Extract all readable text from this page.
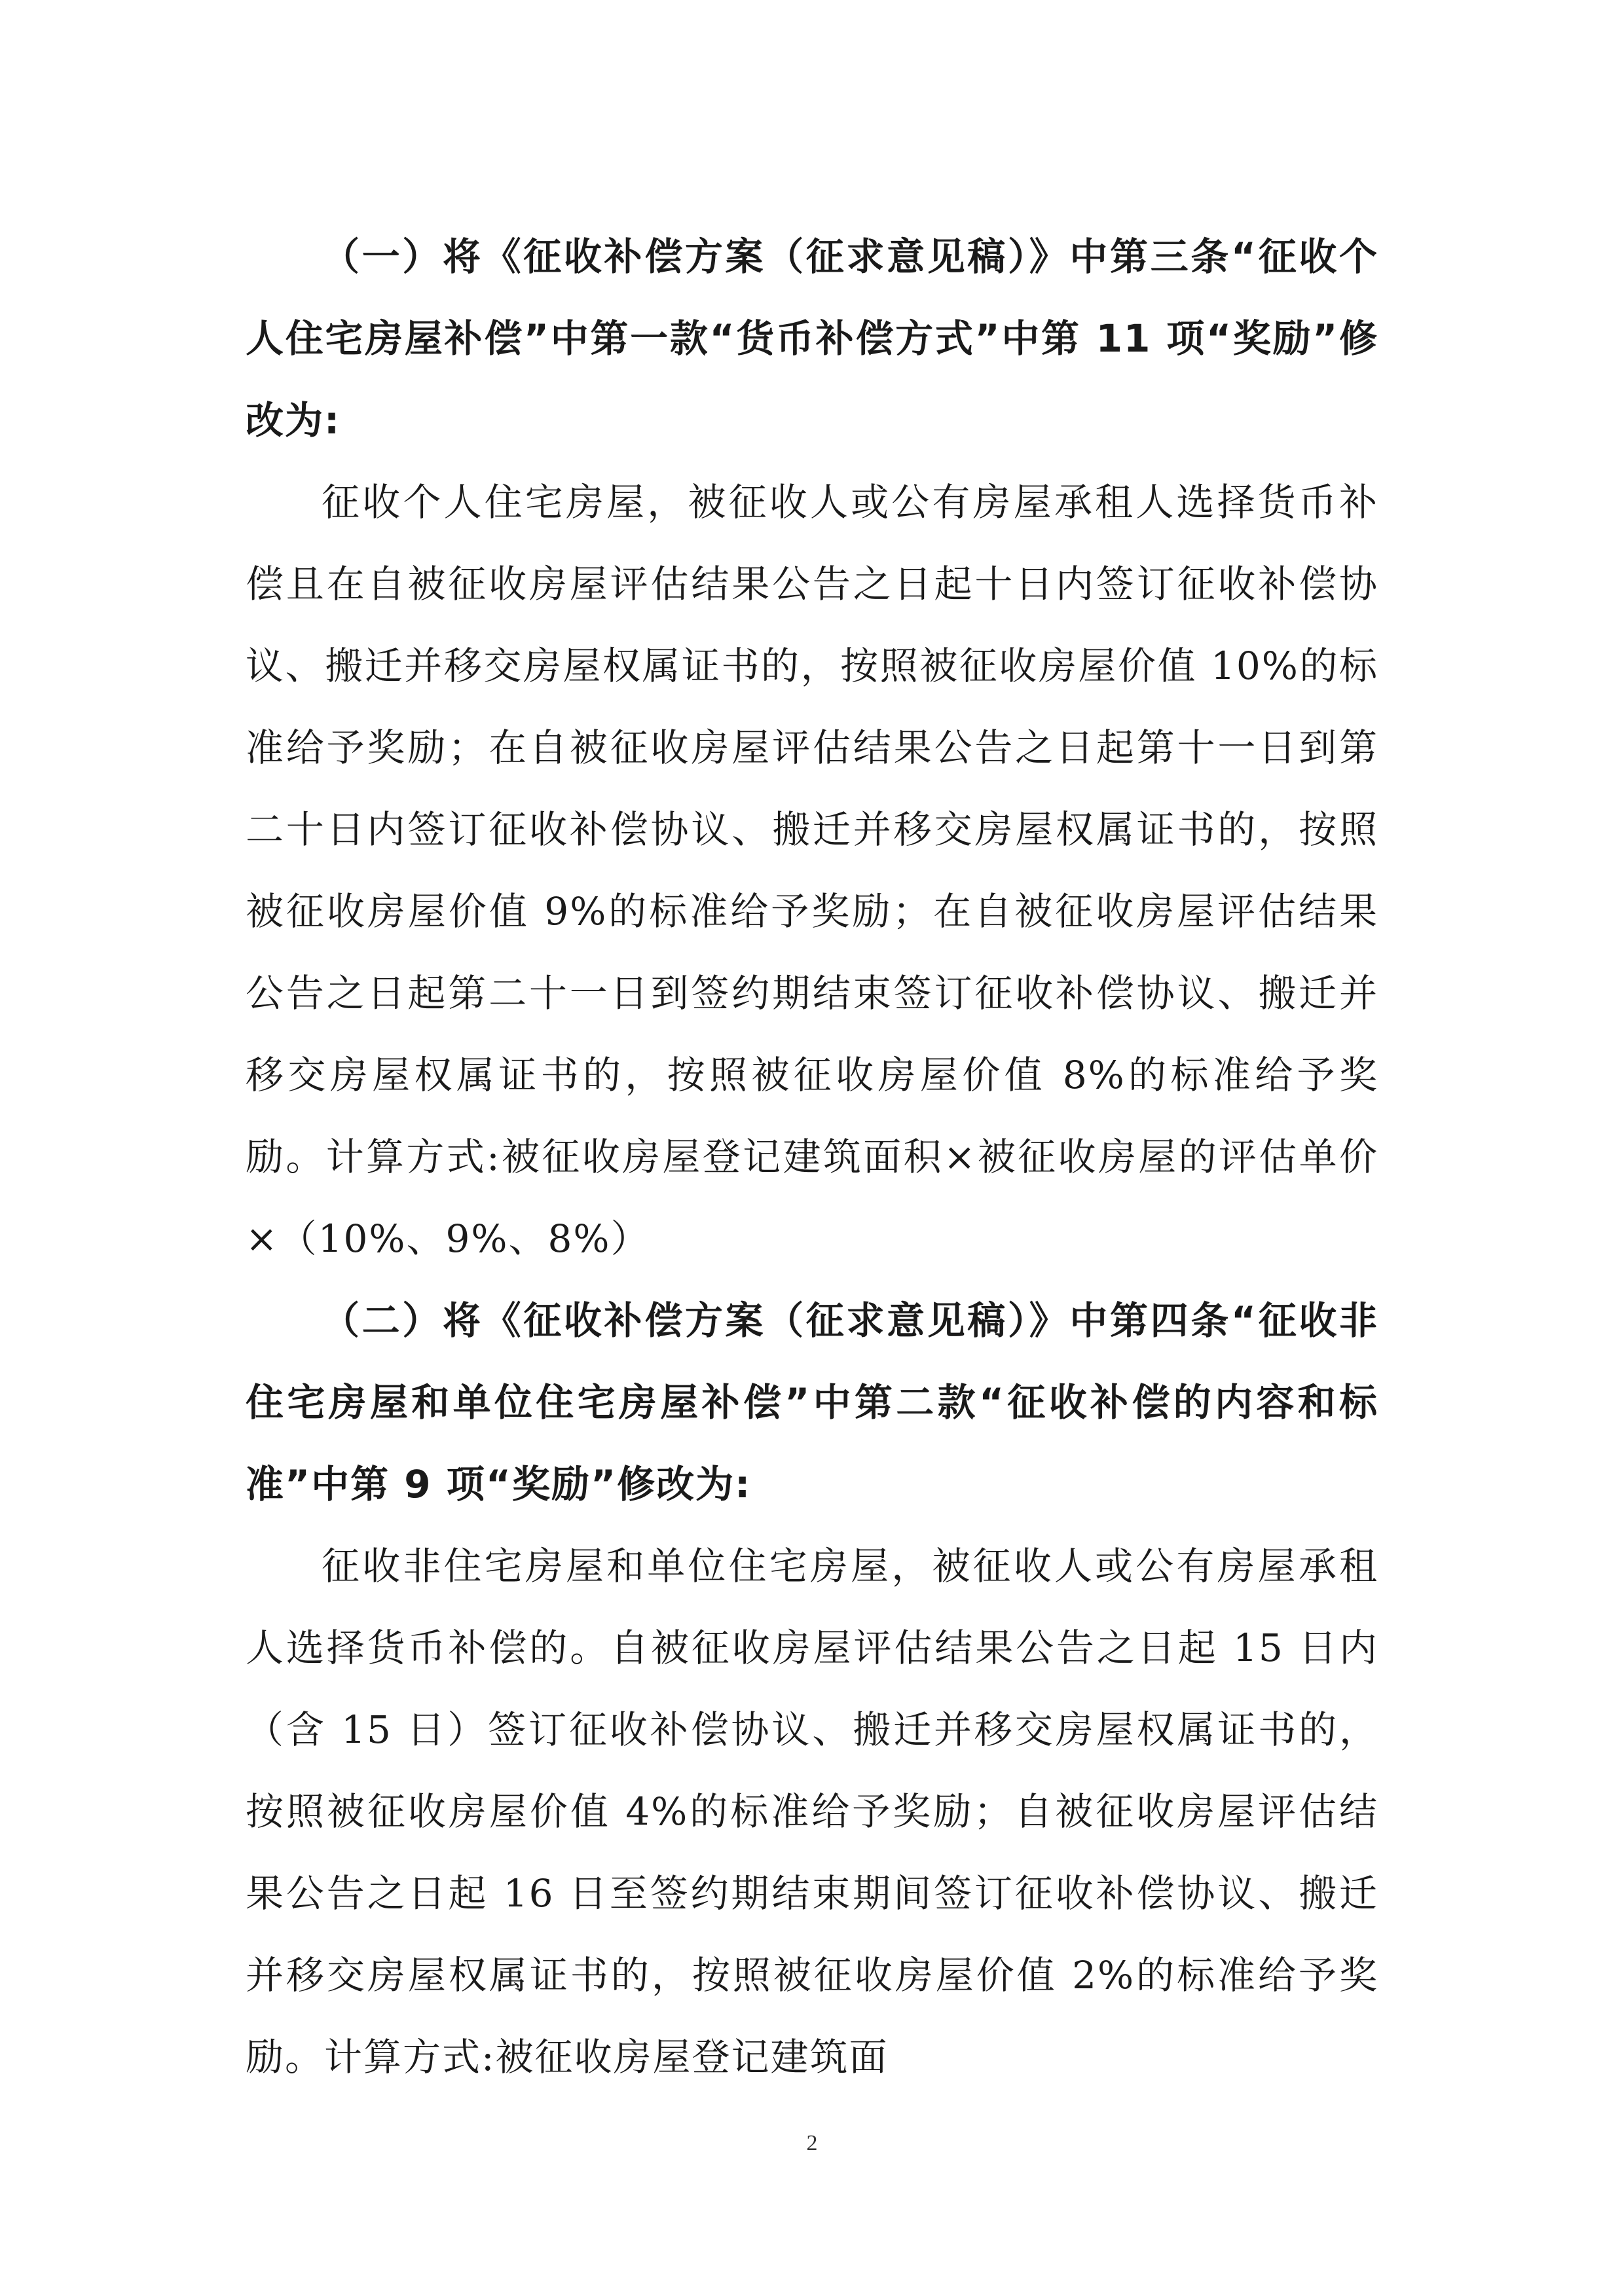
（一）将《征收补偿方案（征求意见稿）》中第三条“征收个人住宅房屋补偿”中第一款“货币补偿方式”中第 11 项“奖励”修改为:

征收个人住宅房屋，被征收人或公有房屋承租人选择货币补偿且在自被征收房屋评估结果公告之日起十日内签订征收补偿协议、搬迁并移交房屋权属证书的，按照被征收房屋价值 10%的标准给予奖励；在自被征收房屋评估结果公告之日起第十一日到第二十日内签订征收补偿协议、搬迁并移交房屋权属证书的，按照被征收房屋价值 9%的标准给予奖励；在自被征收房屋评估结果公告之日起第二十一日到签约期结束签订征收补偿协议、搬迁并移交房屋权属证书的，按照被征收房屋价值 8%的标准给予奖励。计算方式:被征收房屋登记建筑面积×被征收房屋的评估单价×（10%、9%、8%）

（二）将《征收补偿方案（征求意见稿）》中第四条“征收非住宅房屋和单位住宅房屋补偿”中第二款“征收补偿的内容和标准”中第 9 项“奖励”修改为:

征收非住宅房屋和单位住宅房屋，被征收人或公有房屋承租人选择货币补偿的。自被征收房屋评估结果公告之日起 15 日内（含 15 日）签订征收补偿协议、搬迁并移交房屋权属证书的，按照被征收房屋价值 4%的标准给予奖励；自被征收房屋评估结果公告之日起 16 日至签约期结束期间签订征收补偿协议、搬迁并移交房屋权属证书的，按照被征收房屋价值 2%的标准给予奖励。计算方式:被征收房屋登记建筑面

2
